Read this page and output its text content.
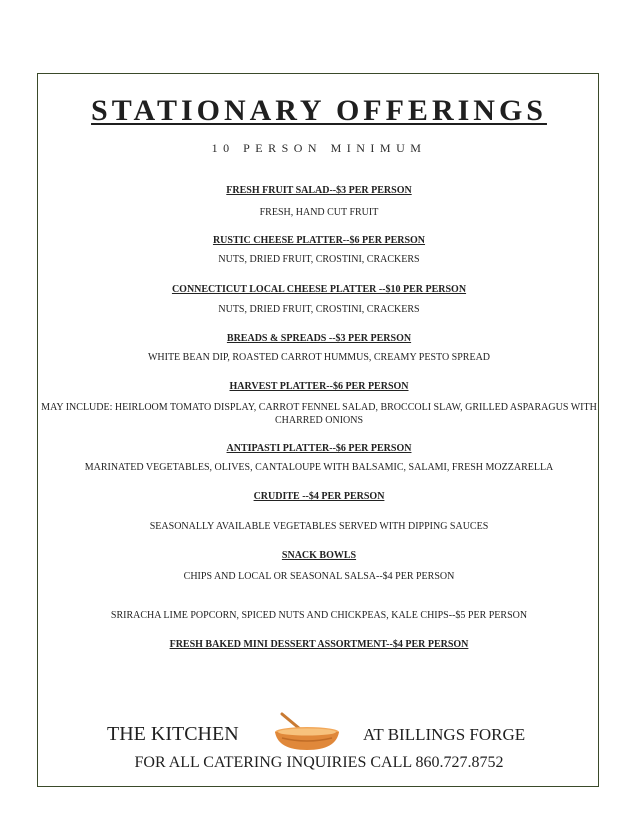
STATIONARY OFFERINGS
10 PERSON MINIMUM
FRESH FRUIT SALAD--$3 PER PERSON
FRESH, HAND CUT FRUIT
RUSTIC CHEESE PLATTER--$6 PER PERSON
NUTS, DRIED FRUIT, CROSTINI, CRACKERS
CONNECTICUT LOCAL CHEESE PLATTER --$10 PER PERSON
NUTS, DRIED FRUIT, CROSTINI, CRACKERS
BREADS & SPREADS --$3 PER PERSON
WHITE BEAN DIP, ROASTED CARROT HUMMUS, CREAMY PESTO SPREAD
HARVEST PLATTER--$6 PER PERSON
MAY INCLUDE: HEIRLOOM TOMATO DISPLAY, CARROT FENNEL SALAD, BROCCOLI SLAW, GRILLED ASPARAGUS WITH CHARRED ONIONS
ANTIPASTI PLATTER--$6 PER PERSON
MARINATED VEGETABLES, OLIVES, CANTALOUPE WITH BALSAMIC, SALAMI, FRESH MOZZARELLA
CRUDITE --$4 PER PERSON
SEASONALLY AVAILABLE VEGETABLES SERVED WITH DIPPING SAUCES
SNACK BOWLS
CHIPS AND LOCAL OR SEASONAL SALSA--$4 PER PERSON
SRIRACHA LIME POPCORN, SPICED NUTS AND CHICKPEAS, KALE CHIPS--$5 PER PERSON
FRESH BAKED MINI DESSERT ASSORTMENT--$4 PER PERSON
THE KITCHEN	AT BILLINGS FORGE
FOR ALL CATERING INQUIRIES CALL 860.727.8752
